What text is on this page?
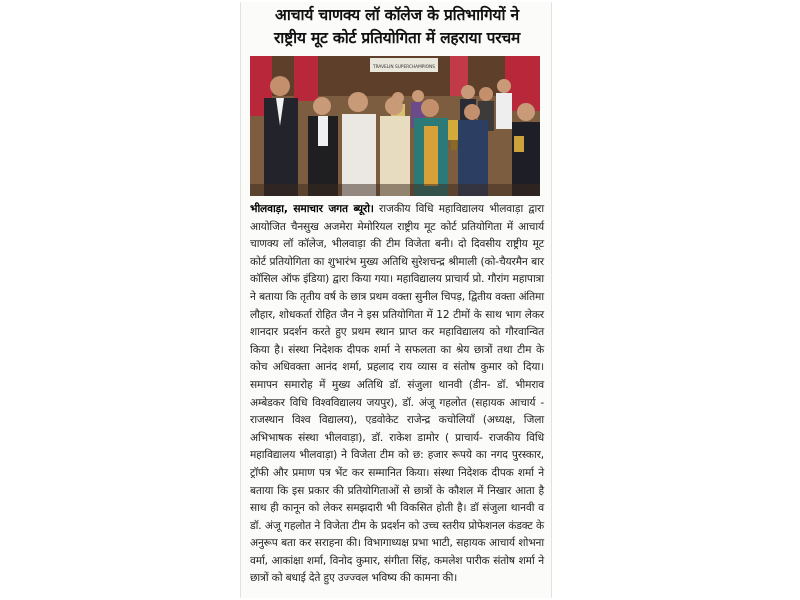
आचार्य चाणक्य लॉ कॉलेज के प्रतिभागियों ने
राष्ट्रीय मूट कोर्ट प्रतियोगिता में लहराया परचम
TRAVELIN SUPERCHAMPIONS

भीलवाड़ा, समाचार जगत ब्यूरो। राजकीय विधि महाविद्यालय भीलवाड़ा द्वारा आयोजित चैनसुख अजमेरा मेमोरियल राष्ट्रीय मूट कोर्ट प्रतियोगिता में आचार्य चाणक्य लॉ कॉलेज, भीलवाड़ा की टीम विजेता बनी। दो दिवसीय राष्ट्रीय मूट कोर्ट प्रतियोगिता का शुभारंभ मुख्य अतिथि सुरेशचन्द्र श्रीमाली (को-चैयरमैन बार कॉसिल ऑफ इंडिया) द्वारा किया गया। महाविद्यालय प्राचार्य प्रो. गौरांग महापात्रा ने बताया कि तृतीय वर्ष के छात्र प्रथम वक्ता सुनील चिपड़, द्वितीय वक्ता अंतिमा लौहार, शोधकर्ता रोहित जैन ने इस प्रतियोगिता में 12 टीमों के साथ भाग लेकर शानदार प्रदर्शन करते हुए प्रथम स्थान प्राप्त कर महाविद्यालय को गौरवान्वित किया है। संस्था निदेशक दीपक शर्मा ने सफलता का श्रेय छात्रों तथा टीम के कोच अधिवक्ता आनंद शर्मा, प्रहलाद राय व्यास व संतोष कुमार को दिया। समापन समारोह में मुख्य अतिथि डॉ. संजुला थानवी (डीन- डॉ. भीमराव अम्बेडकर विधि विश्वविद्यालय जयपुर), डॉ. अंजू गहलोत (सहायक आचार्य - राजस्थान विश्व विद्यालय), एडवोकेट राजेन्द्र कचोलियाँ (अध्यक्ष, जिला अभिभाषक संस्था भीलवाड़ा), डॉ. राकेश डामोर ( प्राचार्य- राजकीय विधि महाविद्यालय भीलवाड़ा) ने विजेता टीम को छ: हजार रूपये का नगद पुरस्कार, ट्रॉफी और प्रमाण पत्र भेंट कर सम्मानित किया। संस्था निदेशक दीपक शर्मा ने बताया कि इस प्रकार की प्रतियोगिताओं से छात्रों के कौशल में निखार आता है साथ ही कानून को लेकर समझदारी भी विकसित होती है। डॉ संजुला थानवी व डॉ. अंजू गहलोत ने विजेता टीम के प्रदर्शन को उच्च स्तरीय प्रोफेशनल कंडक्ट के अनुरूप बता कर सराहना की। विभागाध्यक्ष प्रभा भाटी, सहायक आचार्य शोभना वर्मा, आकांक्षा शर्मा, विनोद कुमार, संगीता सिंह, कमलेश पारीक संतोष शर्मा ने छात्रों को बधाई देते हुए उज्ज्वल भविष्य की कामना की।
